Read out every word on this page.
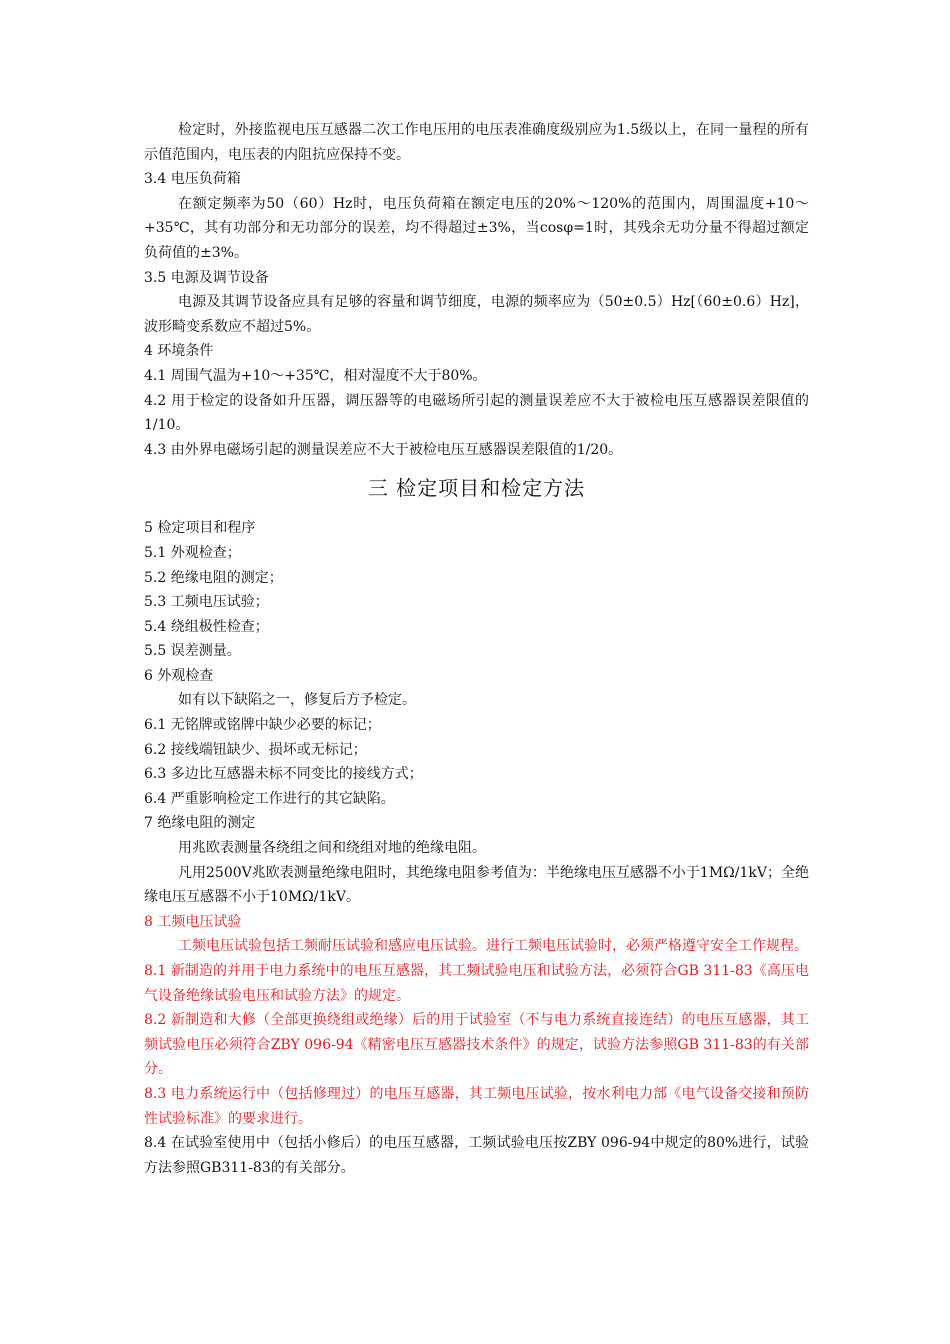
检定时，外接监视电压互感器二次工作电压用的电压表准确度级别应为1.5级以上，在同一量程的所有示值范围内，电压表的内阻抗应保持不变。

3.4 电压负荷箱

在额定频率为50（60）Hz时，电压负荷箱在额定电压的20%～120%的范围内，周围温度+10～+35℃，其有功部分和无功部分的误差，均不得超过±3%，当cosφ=1时，其残余无功分量不得超过额定负荷值的±3%。

3.5 电源及调节设备

电源及其调节设备应具有足够的容量和调节细度，电源的频率应为（50±0.5）Hz[（60±0.6）Hz]，波形畸变系数应不超过5%。

4 环境条件

4.1 周围气温为+10～+35℃，相对湿度不大于80%。

4.2 用于检定的设备如升压器，调压器等的电磁场所引起的测量误差应不大于被检电压互感器误差限值的1/10。

4.3 由外界电磁场引起的测量误差应不大于被检电压互感器误差限值的1/20。

三 检定项目和检定方法

5 检定项目和程序

5.1 外观检查；

5.2 绝缘电阻的测定；

5.3 工频电压试验；

5.4 绕组极性检查；

5.5 误差测量。

6 外观检查

如有以下缺陷之一，修复后方予检定。

6.1 无铭牌或铭牌中缺少必要的标记；

6.2 接线端钮缺少、损坏或无标记；

6.3 多边比互感器未标不同变比的接线方式；

6.4 严重影响检定工作进行的其它缺陷。

7 绝缘电阻的测定

用兆欧表测量各绕组之间和绕组对地的绝缘电阻。

凡用2500V兆欧表测量绝缘电阻时，其绝缘电阻参考值为：半绝缘电压互感器不小于1MΩ/1kV；全绝缘电压互感器不小于10MΩ/1kV。

8 工频电压试验

工频电压试验包括工频耐压试验和感应电压试验。进行工频电压试验时，必须严格遵守安全工作规程。

8.1 新制造的并用于电力系统中的电压互感器，其工频试验电压和试验方法，必须符合GB 311-83《高压电气设备绝缘试验电压和试验方法》的规定。

8.2 新制造和大修（全部更换绕组或绝缘）后的用于试验室（不与电力系统直接连结）的电压互感器，其工频试验电压必须符合ZBY 096-94《精密电压互感器技术条件》的规定，试验方法参照GB 311-83的有关部分。

8.3 电力系统运行中（包括修理过）的电压互感器，其工频电压试验，按水利电力部《电气设备交接和预防性试验标准》的要求进行。

8.4 在试验室使用中（包括小修后）的电压互感器，工频试验电压按ZBY 096-94中规定的80%进行，试验方法参照GB311-83的有关部分。
